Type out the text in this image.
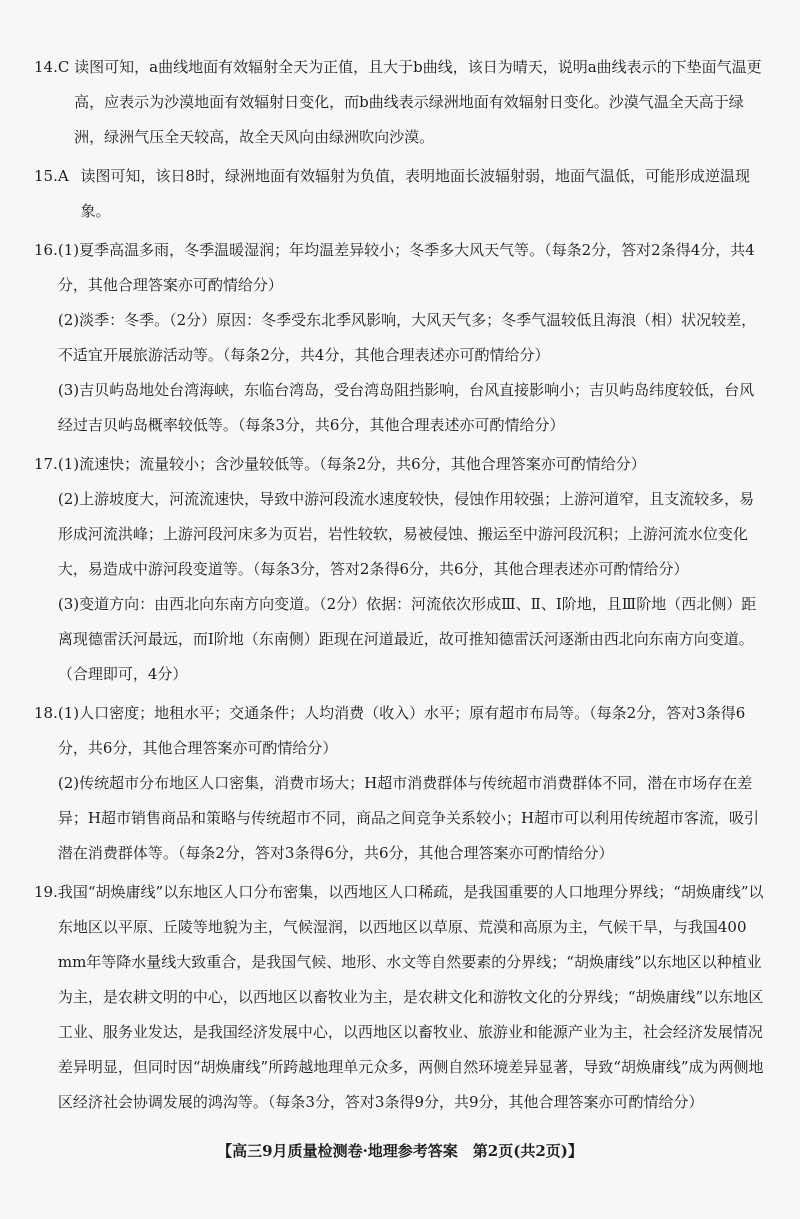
14.C 读图可知，a曲线地面有效辐射全天为正值，且大于b曲线，该日为晴天，说明a曲线表示的下垫面气温更高，应表示为沙漠地面有效辐射日变化，而b曲线表示绿洲地面有效辐射日变化。沙漠气温全天高于绿洲，绿洲气压全天较高，故全天风向由绿洲吹向沙漠。

15.A 读图可知，该日8时，绿洲地面有效辐射为负值，表明地面长波辐射弱，地面气温低，可能形成逆温现象。

16. (1)夏季高温多雨，冬季温暖湿润；年均温差异较小；冬季多大风天气等。（每条2分，答对2条得4分，共4分，其他合理答案亦可酌情给分）

(2)淡季：冬季。（2分）原因：冬季受东北季风影响，大风天气多；冬季气温较低且海浪（相）状况较差，不适宜开展旅游活动等。（每条2分，共4分，其他合理表述亦可酌情给分）

(3)吉贝屿岛地处台湾海峡，东临台湾岛，受台湾岛阻挡影响，台风直接影响小；吉贝屿岛纬度较低，台风经过吉贝屿岛概率较低等。（每条3分，共6分，其他合理表述亦可酌情给分）

17. (1)流速快；流量较小；含沙量较低等。（每条2分，共6分，其他合理答案亦可酌情给分）

(2)上游坡度大，河流流速快，导致中游河段流水速度较快，侵蚀作用较强；上游河道窄，且支流较多，易形成河流洪峰；上游河段河床多为页岩，岩性较软，易被侵蚀、搬运至中游河段沉积；上游河流水位变化大，易造成中游河段变道等。（每条3分，答对2条得6分，共6分，其他合理表述亦可酌情给分）

(3)变道方向：由西北向东南方向变道。（2分）依据：河流依次形成Ⅲ、Ⅱ、Ⅰ阶地，且Ⅲ阶地（西北侧）距离现德雷沃河最远，而Ⅰ阶地（东南侧）距现在河道最近，故可推知德雷沃河逐渐由西北向东南方向变道。（合理即可，4分）

18. (1)人口密度；地租水平；交通条件；人均消费（收入）水平；原有超市布局等。（每条2分，答对3条得6分，共6分，其他合理答案亦可酌情给分）

(2)传统超市分布地区人口密集，消费市场大；H超市消费群体与传统超市消费群体不同，潜在市场存在差异；H超市销售商品和策略与传统超市不同，商品之间竞争关系较小；H超市可以利用传统超市客流，吸引潜在消费群体等。（每条2分，答对3条得6分，共6分，其他合理答案亦可酌情给分）

19. 我国“胡焕庸线”以东地区人口分布密集，以西地区人口稀疏，是我国重要的人口地理分界线；“胡焕庸线”以东地区以平原、丘陵等地貌为主，气候湿润，以西地区以草原、荒漠和高原为主，气候干旱，与我国400 mm年等降水量线大致重合，是我国气候、地形、水文等自然要素的分界线；“胡焕庸线”以东地区以种植业为主，是农耕文明的中心，以西地区以畜牧业为主，是农耕文化和游牧文化的分界线；“胡焕庸线”以东地区工业、服务业发达，是我国经济发展中心，以西地区以畜牧业、旅游业和能源产业为主，社会经济发展情况差异明显，但同时因“胡焕庸线”所跨越地理单元众多，两侧自然环境差异显著，导致“胡焕庸线”成为两侧地区经济社会协调发展的鸿沟等。（每条3分，答对3条得9分，共9分，其他合理答案亦可酌情给分）

【高三9月质量检测卷·地理参考答案　第2页(共2页)】
